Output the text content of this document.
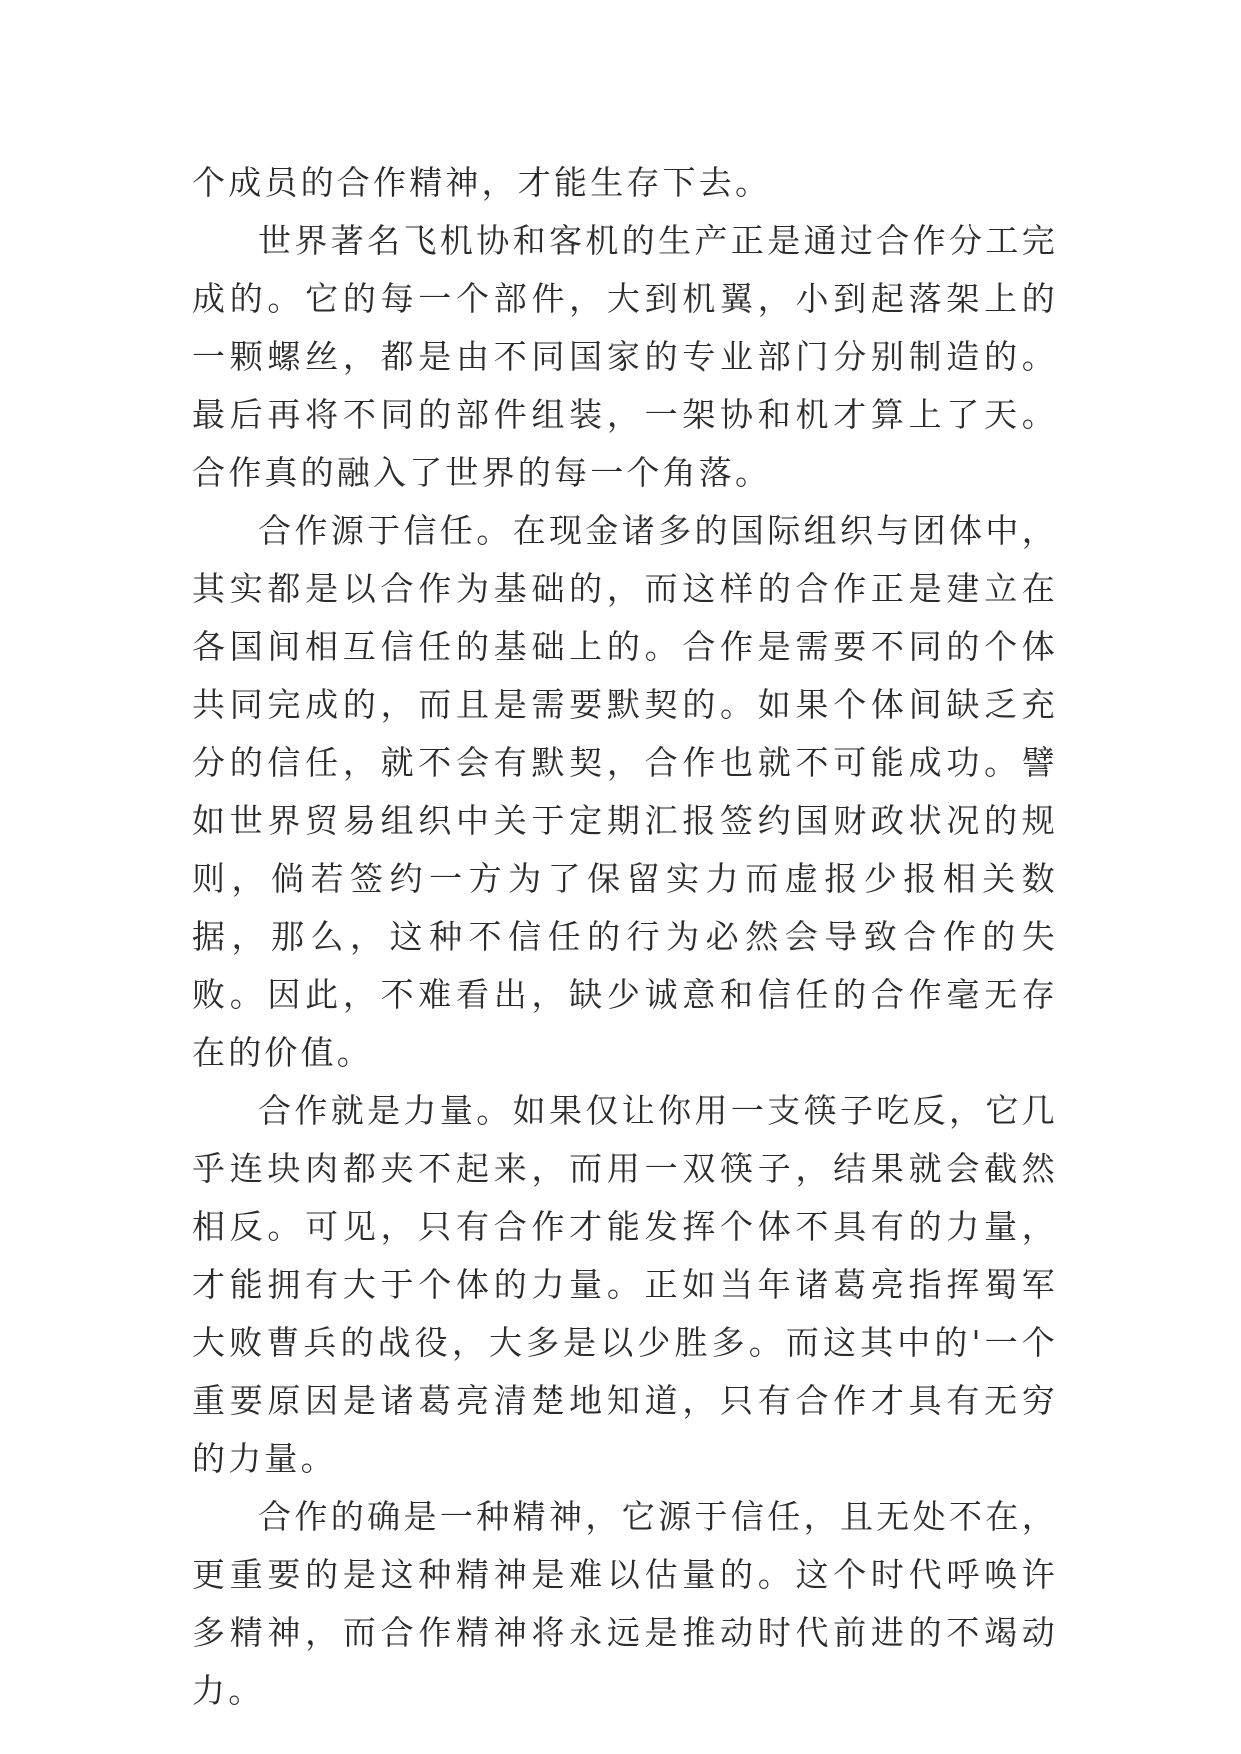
个成员的合作精神，才能生存下去。

世界著名飞机协和客机的生产正是通过合作分工完成的。它的每一个部件，大到机翼，小到起落架上的一颗螺丝，都是由不同国家的专业部门分别制造的。最后再将不同的部件组装，一架协和机才算上了天。合作真的融入了世界的每一个角落。

合作源于信任。在现金诸多的国际组织与团体中，其实都是以合作为基础的，而这样的合作正是建立在各国间相互信任的基础上的。合作是需要不同的个体共同完成的，而且是需要默契的。如果个体间缺乏充分的信任，就不会有默契，合作也就不可能成功。譬如世界贸易组织中关于定期汇报签约国财政状况的规则，倘若签约一方为了保留实力而虚报少报相关数据，那么，这种不信任的行为必然会导致合作的失败。因此，不难看出，缺少诚意和信任的合作毫无存在的价值。

合作就是力量。如果仅让你用一支筷子吃反，它几乎连块肉都夹不起来，而用一双筷子，结果就会截然相反。可见，只有合作才能发挥个体不具有的力量，才能拥有大于个体的力量。正如当年诸葛亮指挥蜀军大败曹兵的战役，大多是以少胜多。而这其中的'一个重要原因是诸葛亮清楚地知道，只有合作才具有无穷的力量。

合作的确是一种精神，它源于信任，且无处不在，更重要的是这种精神是难以估量的。这个时代呼唤许多精神，而合作精神将永远是推动时代前进的不竭动力。
